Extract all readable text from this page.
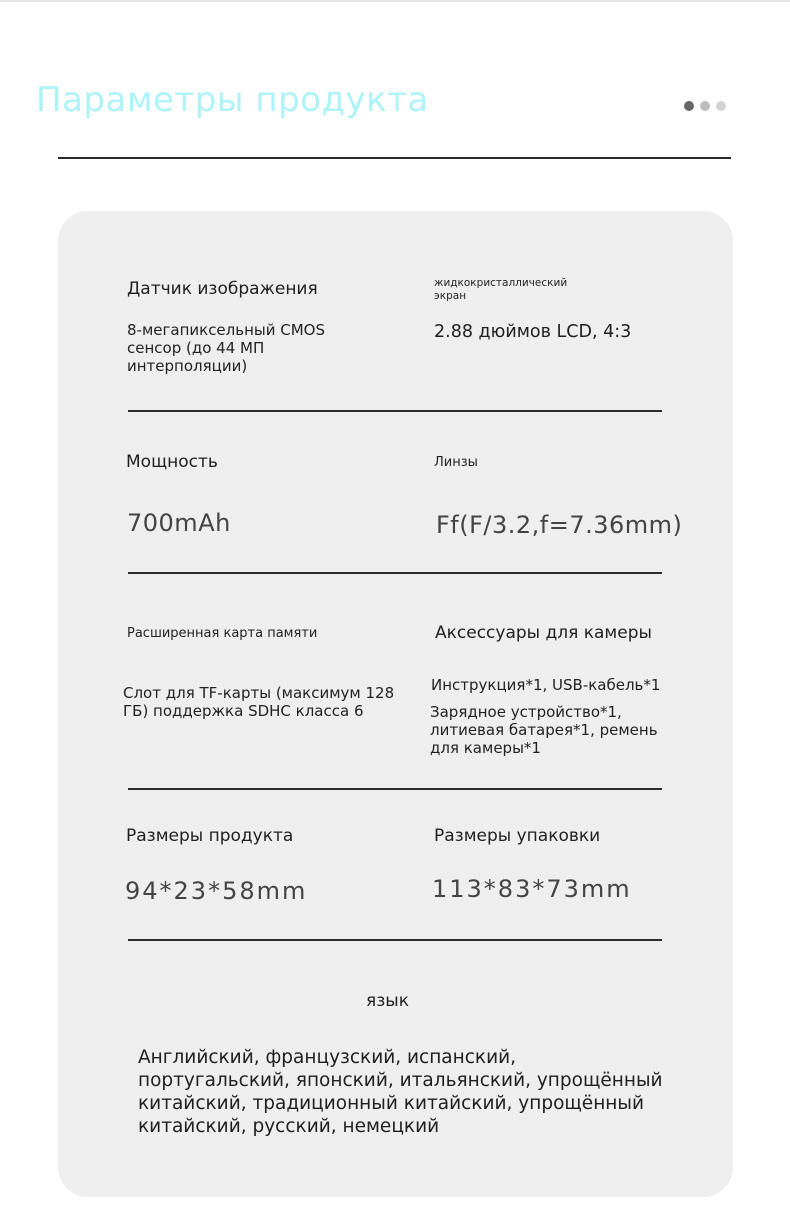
Параметры продукта
Датчик изображения
8-мегапиксельный CMOS сенсор (до 44 МП интерполяции)
жидкокристаллический экран
2.88 дюймов LCD, 4:3
Мощность
700mAh
Линзы
Ff(F/3.2,f=7.36mm)
Расширенная карта памяти
Слот для TF-карты (максимум 128 ГБ) поддержка SDHC класса 6
Аксессуары для камеры
Инструкция*1, USB-кабель*1
Зарядное устройство*1, литиевая батарея*1, ремень для камеры*1
Размеры продукта
94*23*58mm
Размеры упаковки
113*83*73mm
язык
Английский, французский, испанский, португальский, японский, итальянский, упрощённый китайский, традиционный китайский, упрощённый китайский, русский, немецкий
